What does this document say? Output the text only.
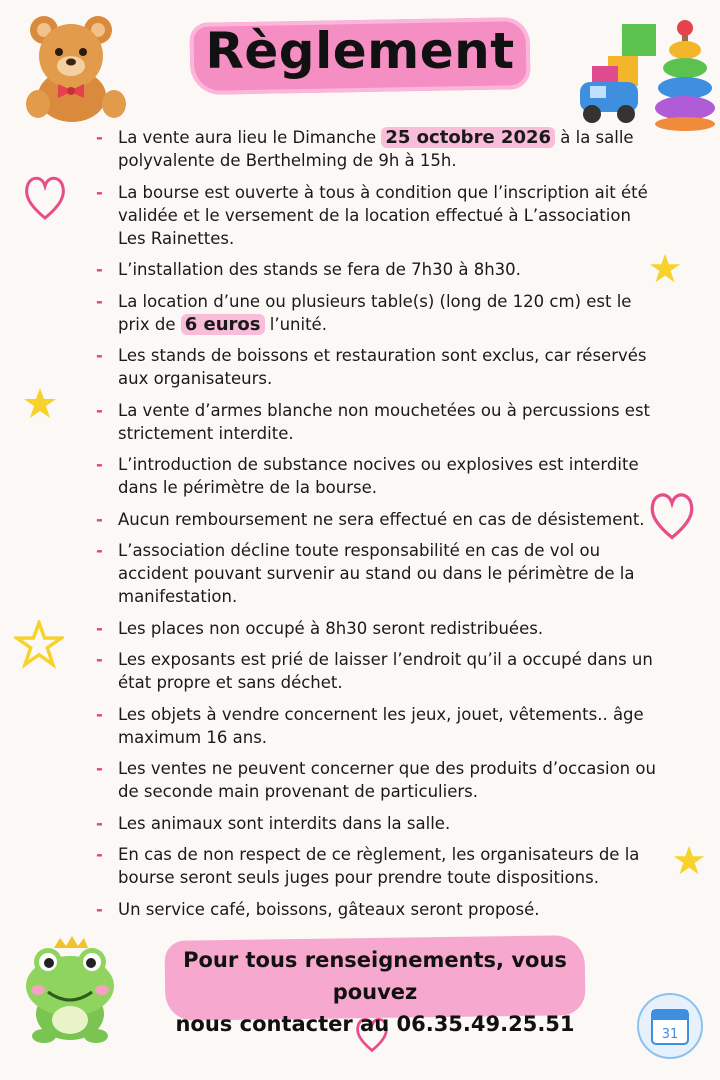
Règlement
- La vente aura lieu le Dimanche 25 octobre 2026 à la salle polyvalente de Berthelming de 9h à 15h.
- La bourse est ouverte à tous à condition que l’inscription ait été validée et le versement de la location effectué à L’association Les Rainettes.
- L’installation des stands se fera de 7h30 à 8h30.
- La location d’une ou plusieurs table(s) (long de 120 cm) est le prix de 6 euros l’unité.
- Les stands de boissons et restauration sont exclus, car réservés aux organisateurs.
- La vente d’armes blanche non mouchetées ou à percussions est strictement interdite.
- L’introduction de substance nocives ou explosives est interdite dans le périmètre de la bourse.
- Aucun remboursement ne sera effectué en cas de désistement.
- L’association décline toute responsabilité en cas de vol ou accident pouvant survenir au stand ou dans le périmètre de la manifestation.
- Les places non occupé à 8h30 seront redistribuées.
- Les exposants est prié de laisser l’endroit qu’il a occupé dans un état propre et sans déchet.
- Les objets à vendre concernent les jeux, jouet, vêtements.. âge maximum 16 ans.
- Les ventes ne peuvent concerner que des produits d’occasion ou de seconde main provenant de particuliers.
- Les animaux sont interdits dans la salle.
- En cas de non respect de ce règlement, les organisateurs de la bourse seront seuls juges pour prendre toute dispositions.
- Un service café, boissons, gâteaux seront proposé.
Pour tous renseignements, vous pouvez
nous contacter au 06.35.49.25.51	31
